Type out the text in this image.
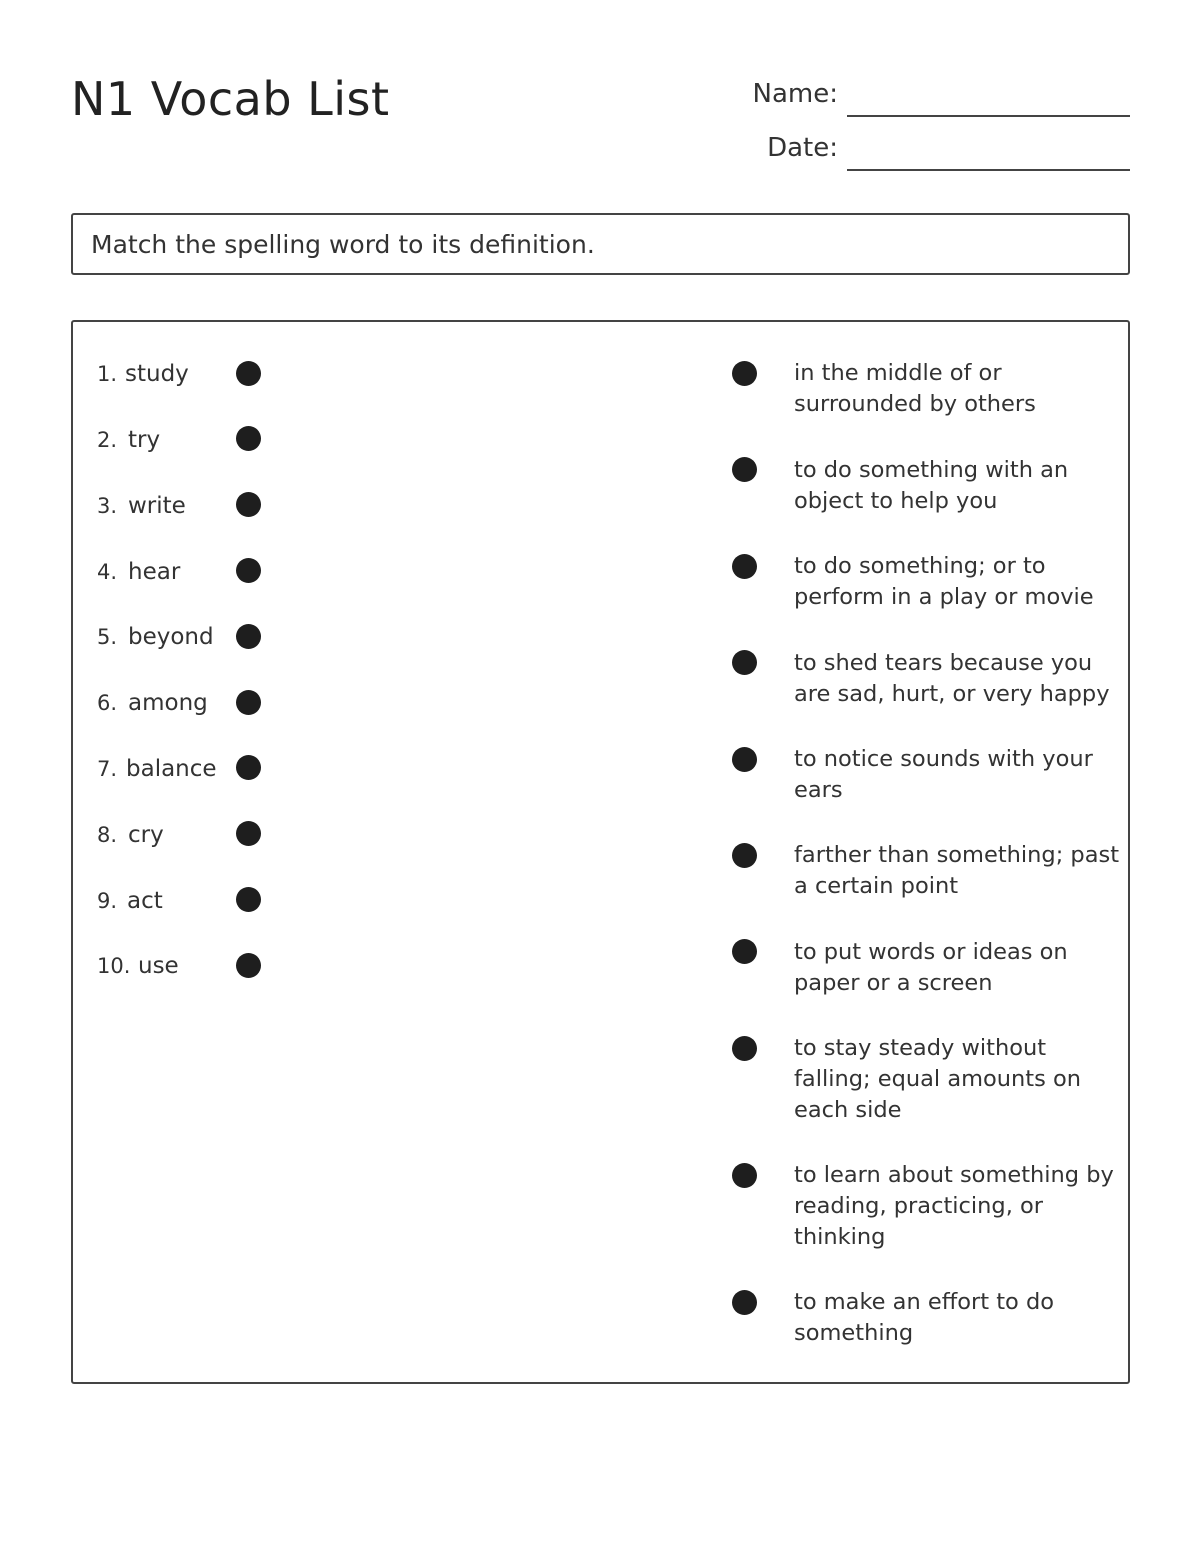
N1 Vocab List	Name:
Date:
Match the spelling word to its definition.
1. study
2. try
3. write
4. hear
5. beyond
6. among
7. balance
8. cry
9. act
10. use
in the middle of or surrounded by others
to do something with an object to help you
to do something; or to perform in a play or movie
to shed tears because you are sad, hurt, or very happy
to notice sounds with your ears
farther than something; past a certain point
to put words or ideas on paper or a screen
to stay steady without falling; equal amounts on each side
to learn about something by reading, practicing, or thinking
to make an effort to do something
